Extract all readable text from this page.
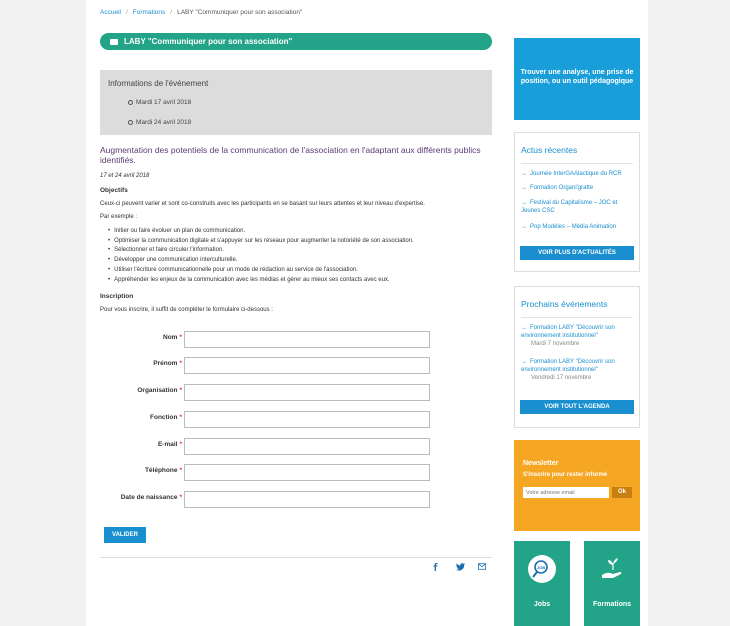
Accueil / Formations / LABY "Communiquer pour son association"
LABY "Communiquer pour son association"
Informations de l'événement
Mardi 17 avril 2018
Mardi 24 avril 2018
Augmentation des potentiels de la communication de l'association en l'adaptant aux différents publics identifiés.
17 et 24 avril 2018
Objectifs

Ceux-ci peuvent varier et sont co-construits avec les participants en se basant sur leurs attentes et leur niveau d'expertise.

Par exemple :

• Initier ou faire évoluer un plan de communication.
• Optimiser la communication digitale et s'appuyer sur les réseaux pour augmenter la notoriété de son association.
• Sélectionner et faire circuler l'information.
• Développer une communication interculturelle.
• Utiliser l'écriture communicationnelle pour un mode de rédaction au service de l'association.
• Appréhender les enjeux de la communication avec les médias et gérer au mieux ses contacts avec eux.
Inscription

Pour vous inscrire, il suffit de compléter le formulaire ci-dessous :

Nom *
Prénom *
Organisation *
Fonction *
E-mail *
Téléphone *
Date de naissance *
VALIDER
Trouver une analyse, une prise de position, ou un outil pédagogique
Actus récentes
→ Journée InterGAAlactique du RCR
→ Formation Organi'gratte
→ Festival du Capitalisme – JOC et Jeunes CSC
→ Pop Modèles – Média Animation
VOIR PLUS D'ACTUALITÉS
Prochains événements
→ Formation LABY "Découvrir son environnement institutionnel"
Mardi 7 novembre
→ Formation LABY "Découvrir son environnement institutionnel"
Vendredi 17 novembre
VOIR TOUT L'AGENDA
Newsletter

S'inscrire pour rester informé

Votre adresse email
Ok
JOB
Jobs	Formations
